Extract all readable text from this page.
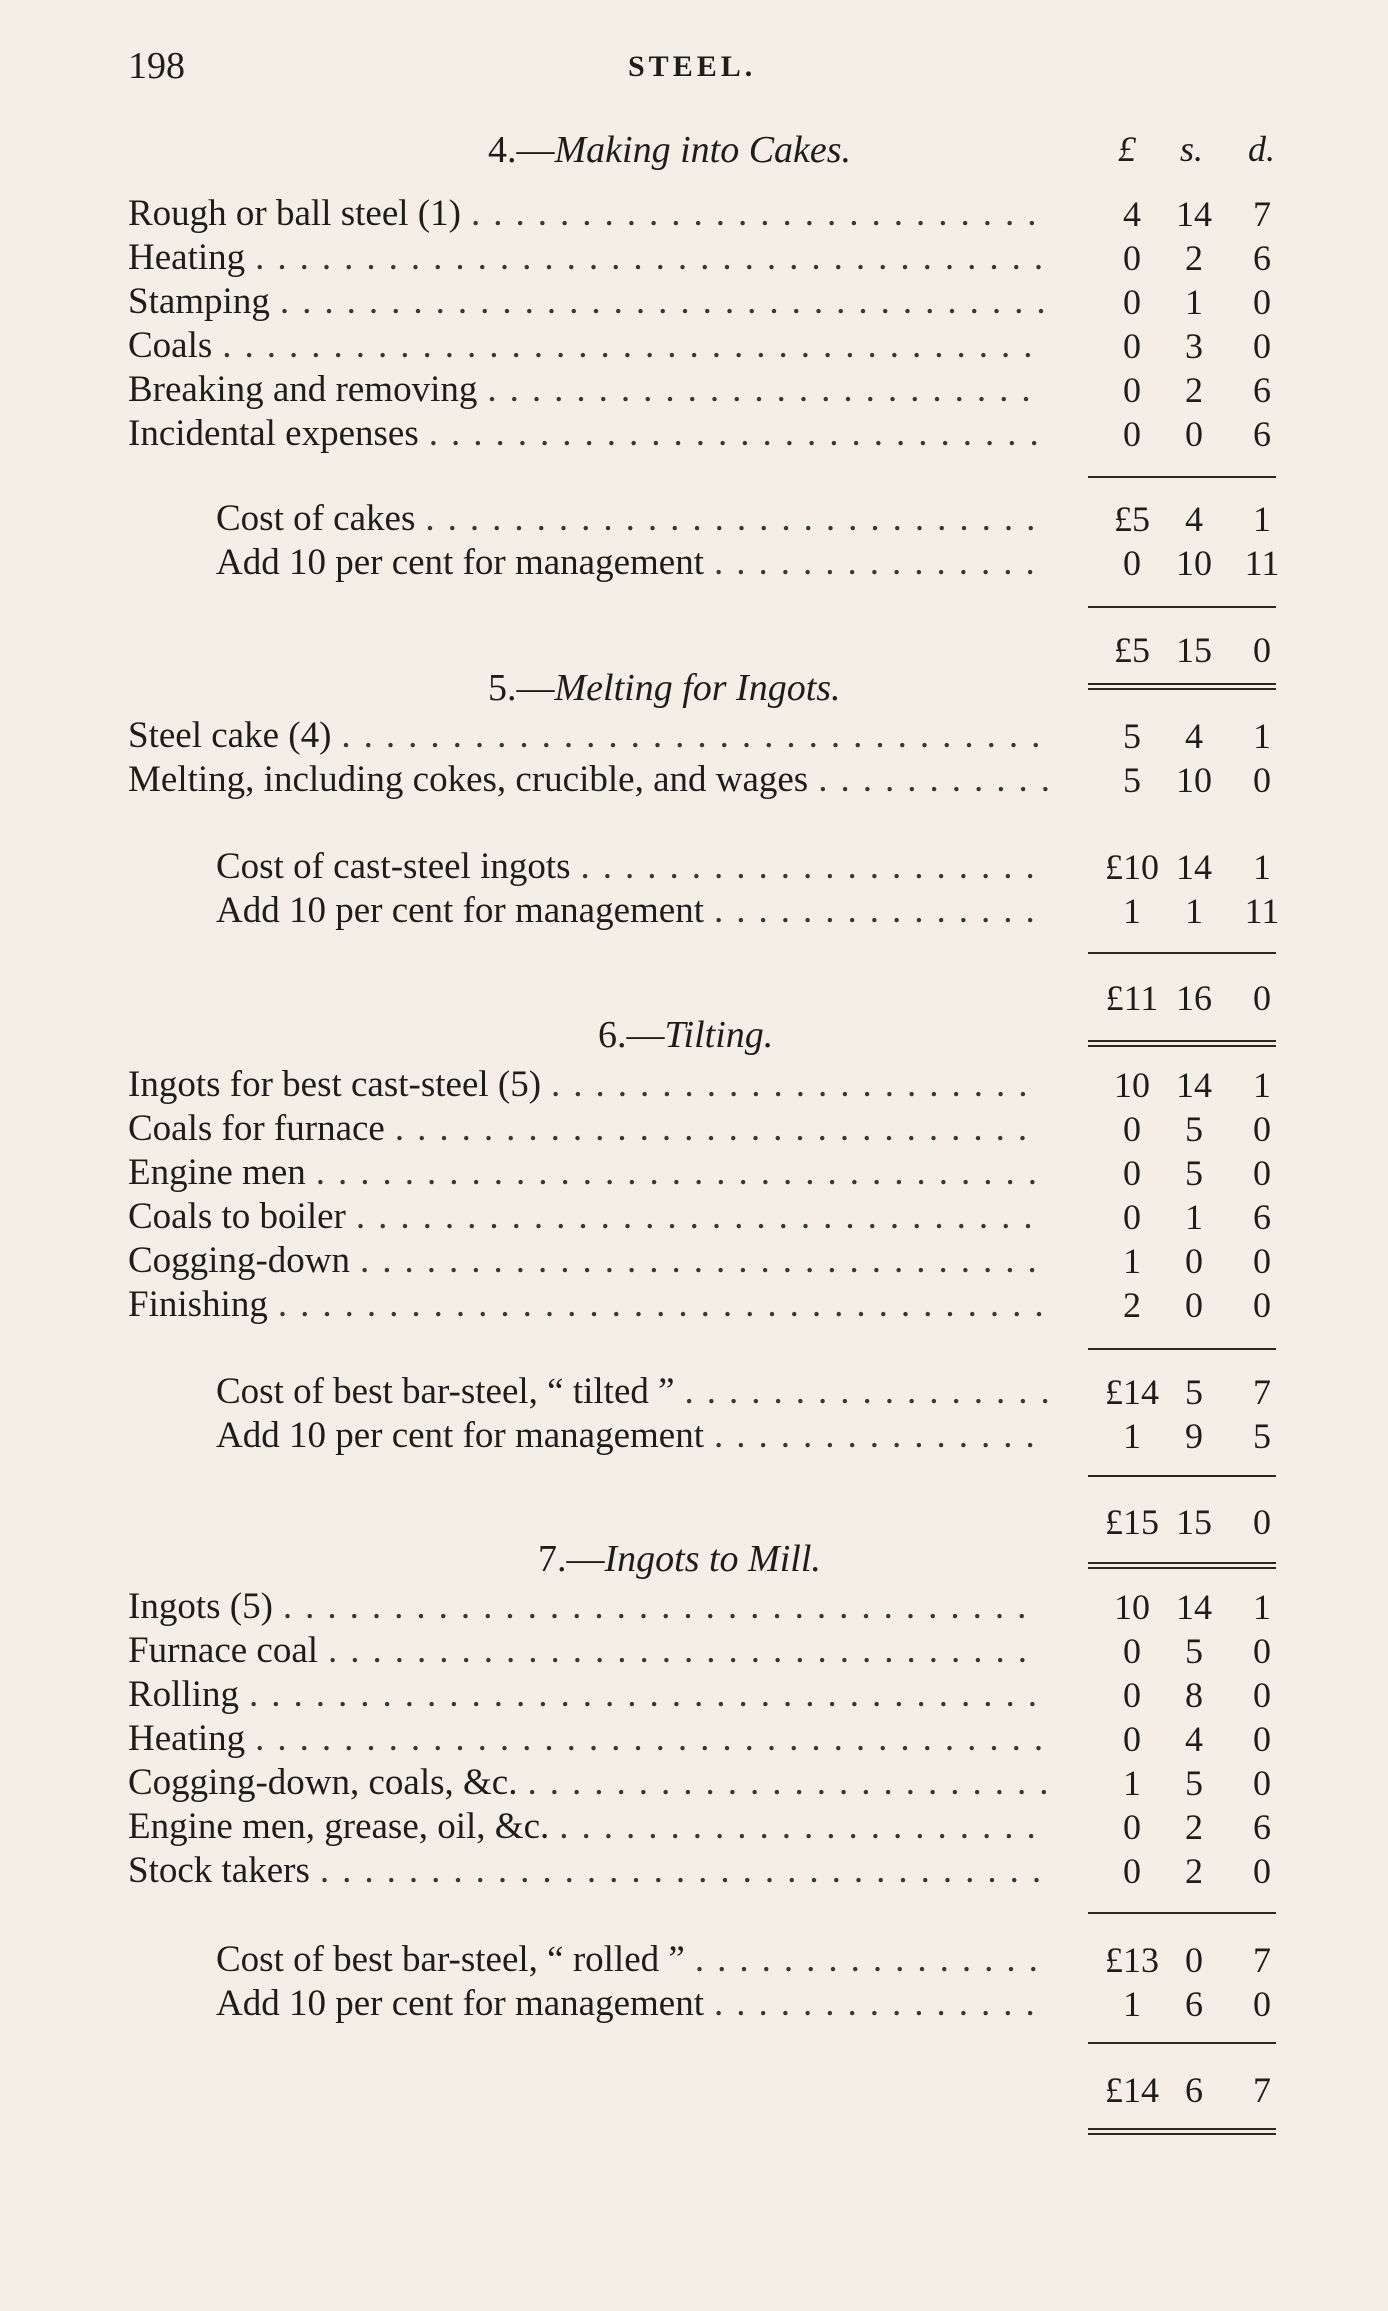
198	STEEL.
£ s. d.
4.—Making into Cakes.
Rough or ball steel (1) ..........................	4 14	7
Heating ....................................	0	2	6
Stamping ...................................	0	1	0
Coals .....................................	0	3	0
Breaking and removing .........................	0	2	6
Incidental expenses ............................	0	0	6
Cost of cakes ............................	£5 4	1
Add 10 per cent for management ...............	0 10 11
£5 15	0
5.—Melting for Ingots.
Steel cake (4) ................................	5	4	1
Melting, including cokes, crucible, and wages ...........	5 10	0
Cost of cast-steel ingots ..................... £10 14	1
Add 10 per cent for management ...............	1	1	11
£11 16	0
6.—Tilting.
Ingots for best cast-steel (5) ......................	10 14	1
Coals for furnace .............................	0	5	0
Engine men .................................	0	5	0
Coals to boiler ...............................	0	1	6
Cogging-down ...............................	1	0	0
Finishing ...................................	2	0	0
Cost of best bar-steel, “ tilted ” ................. £14 5	7
Add 10 per cent for management ...............	1	9	5
£15 15	0
7.—Ingots to Mill.
Ingots (5) ..................................	10 14	1
Furnace coal ................................	0	5	0
Rolling ....................................	0	8	0
Heating ....................................	0	4	0
Cogging-down, coals, &c. ........................	1	5	0
Engine men, grease, oil, &c. ......................	0	2	6
Stock takers .................................	0	2	0
Cost of best bar-steel, “ rolled ” ................ £13 0	7
Add 10 per cent for management ...............	1	6	0
£14 6	7
